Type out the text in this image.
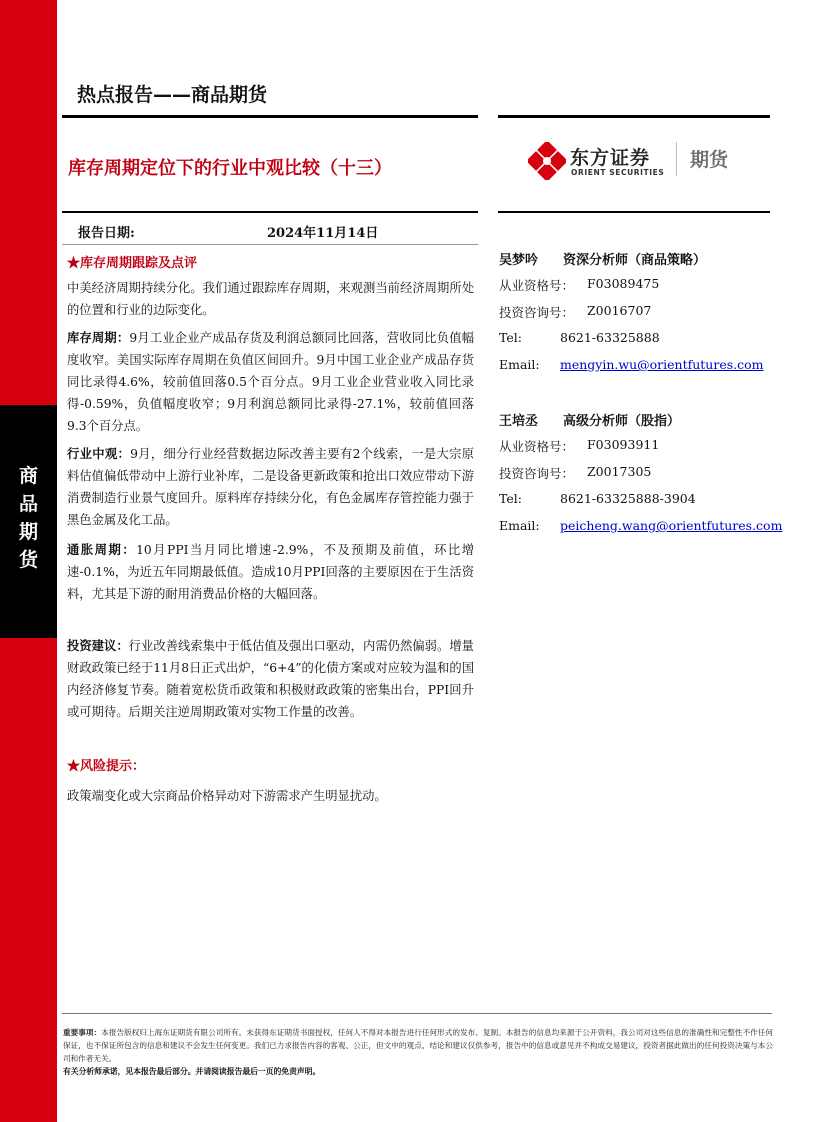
商
品
期
货
热点报告——商品期货
库存周期定位下的行业中观比较（十三）	东方证券
ORIENT SECURITIES
期货
报告日期:	2024年11月14日
★库存周期跟踪及点评
中美经济周期持续分化。我们通过跟踪库存周期，来观测当前经济周期所处的位置和行业的边际变化。
库存周期：9月工业企业产成品存货及利润总额同比回落，营收同比负值幅度收窄。美国实际库存周期在负值区间回升。9月中国工业企业产成品存货同比录得4.6%，较前值回落0.5个百分点。9月工业企业营业收入同比录得-0.59%，负值幅度收窄；9月利润总额同比录得-27.1%，较前值回落9.3个百分点。
行业中观：9月，细分行业经营数据边际改善主要有2个线索，一是大宗原料估值偏低带动中上游行业补库，二是设备更新政策和抢出口效应带动下游消费制造行业景气度回升。原料库存持续分化，有色金属库存管控能力强于黑色金属及化工品。
通胀周期：10月PPI当月同比增速-2.9%，不及预期及前值，环比增速-0.1%，为近五年同期最低值。造成10月PPI回落的主要原因在于生活资料，尤其是下游的耐用消费品价格的大幅回落。
投资建议：行业改善线索集中于低估值及强出口驱动，内需仍然偏弱。增量财政政策已经于11月8日正式出炉，“6+4”的化债方案或对应较为温和的国内经济修复节奏。随着宽松货币政策和积极财政政策的密集出台，PPI回升或可期待。后期关注逆周期政策对实物工作量的改善。
★风险提示：
政策端变化或大宗商品价格异动对下游需求产生明显扰动。
吴梦吟 资深分析师（商品策略）
从业资格号： F03089475
投资咨询号： Z0016707
Tel:	8621-63325888
Email: mengyin.wu@orientfutures.com
王培丞 高级分析师（股指）
从业资格号： F03093911
投资咨询号： Z0017305
Tel:	8621-63325888-3904
Email: peicheng.wang@orientfutures.com
重要事项：本报告版权归上海东证期货有限公司所有。未获得东证期货书面授权，任何人不得对本报告进行任何形式的发布、复制。本报告的信息均来源于公开资料，我公司对这些信息的准确性和完整性不作任何保证，也不保证所包含的信息和建议不会发生任何变更。我们已力求报告内容的客观、公正，但文中的观点、结论和建议仅供参考，报告中的信息或意见并不构成交易建议，投资者据此做出的任何投资决策与本公司和作者无关。
有关分析师承诺，见本报告最后部分。并请阅读报告最后一页的免责声明。
